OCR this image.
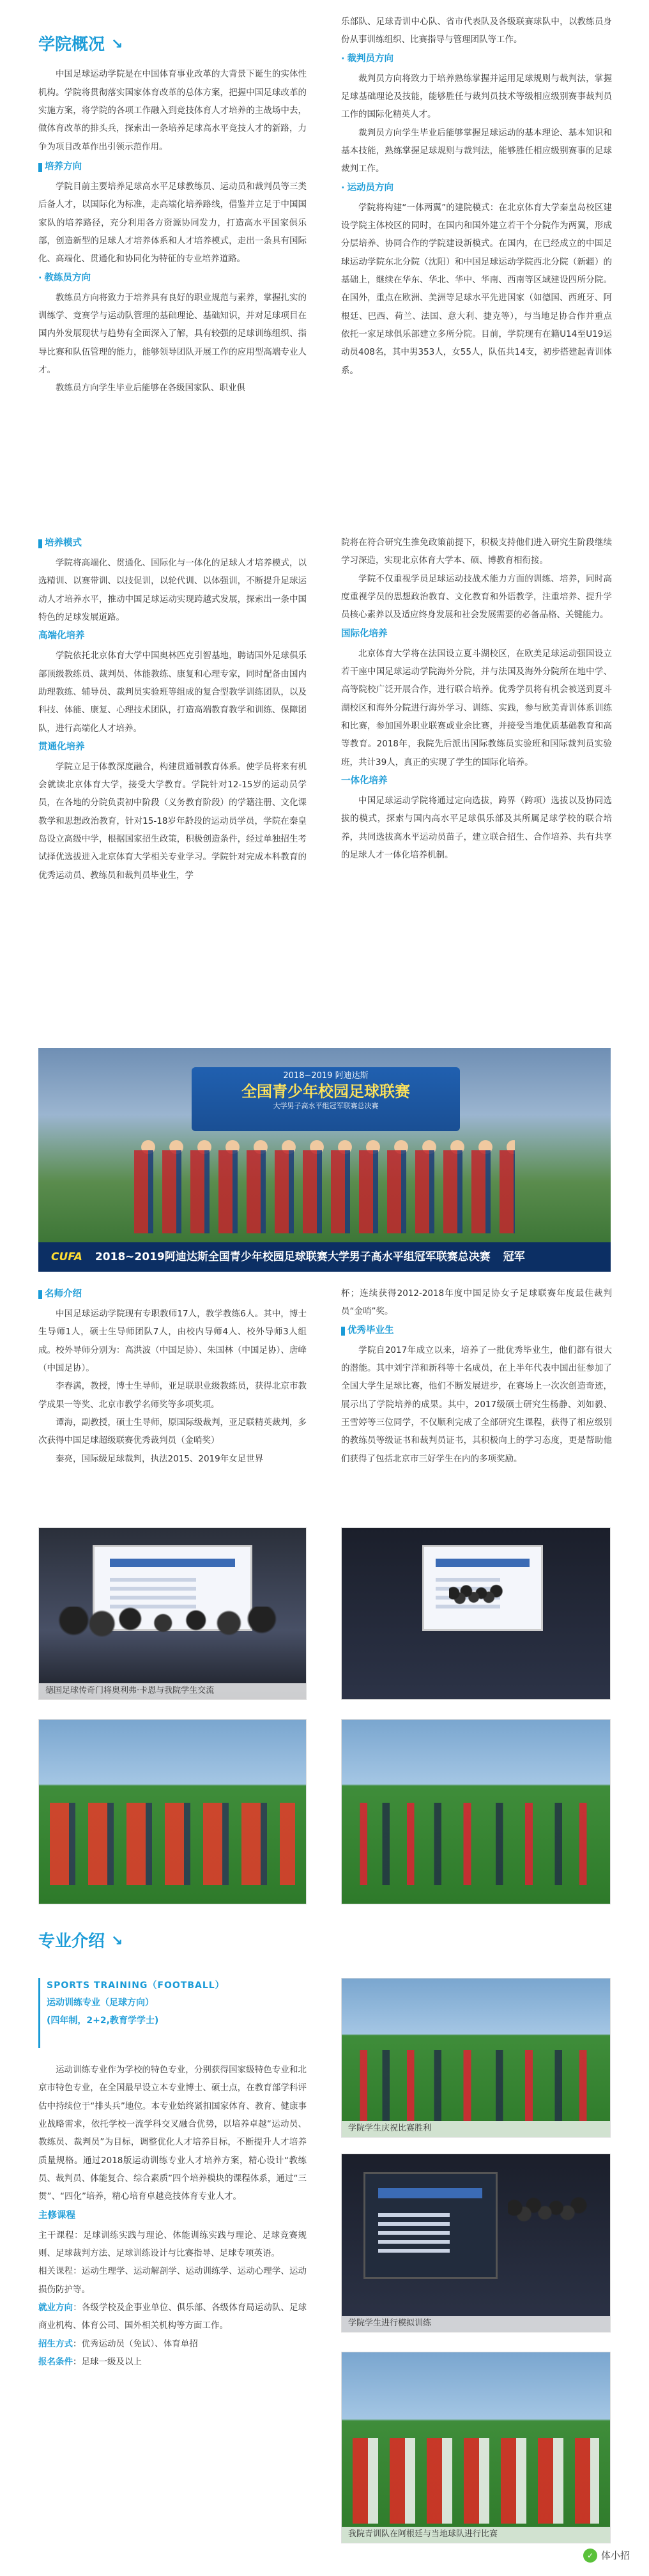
学院概况 ↘

中国足球运动学院是在中国体育事业改革的大背景下诞生的实体性机构。学院将贯彻落实国家体育改革的总体方案，把握中国足球改革的实施方案，将学院的各项工作融入到竞技体育人才培养的主战场中去，做体育改革的排头兵，探索出一条培养足球高水平竞技人才的新路，力争为项目改革作出引领示范作用。

培养方向

学院目前主要培养足球高水平足球教练员、运动员和裁判员等三类后备人才，以国际化为标准，走高端化培养路线，借鉴并立足于中国国家队的培养路径，充分利用各方资源协同发力，打造高水平国家俱乐部，创造新型的足球人才培养体系和人才培养模式，走出一条具有国际化、高端化、贯通化和协同化为特征的专业培养道路。

· 教练员方向

教练员方向将致力于培养具有良好的职业规范与素养，掌握扎实的训练学、竞赛学与运动队管理的基础理论、基础知识，并对足球项目在国内外发展现状与趋势有全面深入了解，具有较强的足球训练组织、指导比赛和队伍管理的能力，能够领导团队开展工作的应用型高端专业人才。

教练员方向学生毕业后能够在各级国家队、职业俱

乐部队、足球青训中心队、省市代表队及各级联赛球队中，以教练员身份从事训练组织、比赛指导与管理团队等工作。

· 裁判员方向

裁判员方向将致力于培养熟练掌握并运用足球规则与裁判法，掌握足球基础理论及技能，能够胜任与裁判员技术等级相应级别赛事裁判员工作的国际化精英人才。

裁判员方向学生毕业后能够掌握足球运动的基本理论、基本知识和基本技能，熟练掌握足球规则与裁判法，能够胜任相应级别赛事的足球裁判工作。

· 运动员方向

学院将构建“一体两翼”的建院模式：在北京体育大学秦皇岛校区建设学院主体校区的同时，在国内和国外建立若干个分院作为两翼，形成分层培养、协同合作的学院建设新模式。在国内，在已经成立的中国足球运动学院东北分院（沈阳）和中国足球运动学院西北分院（新疆）的基础上，继续在华东、华北、华中、华南、西南等区域建设四所分院。在国外，重点在欧洲、美洲等足球水平先进国家（如德国、西班牙、阿根廷、巴西、荷兰、法国、意大利、捷克等），与当地足协合作并重点依托一家足球俱乐部建立多所分院。目前，学院现有在籍U14至U19运动员408名，其中男353人，女55人，队伍共14支，初步搭建起青训体系。

培养模式

学院将高端化、贯通化、国际化与一体化的足球人才培养模式，以选精训、以赛带训、以技促训，以轮代训、以体强训，不断提升足球运动人才培养水平，推动中国足球运动实现跨越式发展，探索出一条中国特色的足球发展道路。

高端化培养

学院依托北京体育大学中国奥林匹克引智基地，聘请国外足球俱乐部顶级教练员、裁判员、体能教练、康复和心理专家，同时配备由国内助理教练、辅导员、裁判员实验班等组成的复合型教学训练团队，以及科技、体能、康复、心理技术团队，打造高端教育教学和训练、保障团队，进行高端化人才培养。

贯通化培养

学院立足于体教深度融合，构建贯通制教育体系。使学员将来有机会就读北京体育大学，接受大学教育。学院针对12-15岁的运动员学员，在各地的分院负责初中阶段（义务教育阶段）的学籍注册、文化课教学和思想政治教育，针对15-18岁年龄段的运动员学员，学院在秦皇岛设立高级中学，根据国家招生政策，积极创造条件，经过单独招生考试择优选拔进入北京体育大学相关专业学习。学院针对完成本科教育的优秀运动员、教练员和裁判员毕业生，学

院将在符合研究生推免政策前提下，积极支持他们进入研究生阶段继续学习深造，实现北京体育大学本、硕、博教育相衔接。

学院不仅重视学员足球运动技战术能力方面的训练、培养，同时高度重视学员的思想政治教育、文化教育和外语教学，注重培养、提升学员核心素养以及适应终身发展和社会发展需要的必备品格、关键能力。

国际化培养

北京体育大学将在法国设立夏斗湖校区，在欧美足球运动强国设立若干座中国足球运动学院海外分院，并与法国及海外分院所在地中学、高等院校广泛开展合作，进行联合培养。优秀学员将有机会被送到夏斗湖校区和海外分院进行海外学习、训练、实践，参与欧美青训体系训练和比赛，参加国外职业联赛或业余比赛，并接受当地优质基础教育和高等教育。2018年，我院先后派出国际教练员实验班和国际裁判员实验班，共计39人，真正的实现了学生的国际化培养。

一体化培养

中国足球运动学院将通过定向选拔，跨界（跨项）选拔以及协同选拔的模式，探索与国内高水平足球俱乐部及其所属足球学校的联合培养，共同选拔高水平运动员苗子，建立联合招生、合作培养、共有共享的足球人才一体化培养机制。

2018~2019 阿迪达斯
全国青少年校园足球联赛
大学男子高水平组冠军联赛总决赛
CUFA 2018~2019阿迪达斯全国青少年校园足球联赛大学男子高水平组冠军联赛总决赛 冠军
名师介绍

中国足球运动学院现有专职教师17人，教学教练6人。其中，博士生导师1人，硕士生导师团队7人，由校内导师4人、校外导师3人组成。校外导师分别为：高洪波（中国足协）、朱国林（中国足协）、唐峰（中国足协）。

李春满，教授，博士生导师，亚足联职业级教练员，获得北京市教学成果一等奖、北京市教学名师奖等多项奖项。

谭海，副教授，硕士生导师，原国际级裁判，亚足联精英裁判，多次获得中国足球超级联赛优秀裁判员（金哨奖）

秦亮，国际级足球裁判，执法2015、2019年女足世界

杯；连续获得2012-2018年度中国足协女子足球联赛年度最佳裁判员“金哨”奖。

优秀毕业生

学院自2017年成立以来，培养了一批优秀毕业生，他们都有很大的潜能。其中刘宇洋和新科等十名成员，在上半年代表中国出征参加了全国大学生足球比赛，他们不断发展进步，在赛场上一次次创造奇迹，展示出了学院培养的成果。其中，2017级硕士研究生杨静、刘如毅、王雪婷等三位同学，不仅顺利完成了全部研究生课程，获得了相应级别的教练员等级证书和裁判员证书，其积极向上的学习态度，更是帮助他们获得了包括北京市三好学生在内的多项奖励。

德国足球传奇门将奥利弗·卡恩与我院学生交流
专业介绍 ↘
SPORTS TRAINING（FOOTBALL）
运动训练专业（足球方向）
(四年制，2+2,教育学学士)

运动训练专业作为学校的特色专业，分别获得国家级特色专业和北京市特色专业，在全国最早设立本专业博士、硕士点，在教育部学科评估中持续位于“排头兵”地位。本专业始终紧扣国家体育、教育、健康事业战略需求，依托学校一流学科交叉融合优势，以培养卓越“运动员、教练员、裁判员”为目标，调整优化人才培养目标，不断提升人才培养质量规格。通过2018版运动训练专业人才培养方案，精心设计“教练员、裁判员、体能复合、综合素质”四个培养模块的课程体系，通过“三贯”、“四化”培养，精心培育卓越竞技体育专业人才。

主修课程

主干课程：足球训练实践与理论、体能训练实践与理论、足球竞赛规则、足球裁判方法、足球训练设计与比赛指导、足球专项英语。

相关课程：运动生理学、运动解剖学、运动训练学、运动心理学、运动损伤防护等。

就业方向：各级学校及企事业单位、俱乐部、各级体育局运动队、足球商业机构、体育公司、国外相关机构等方面工作。

招生方式：优秀运动员（免试）、体育单招

报名条件：足球一级及以上

学院学生庆祝比赛胜利
学院学生进行模拟训练
我院青训队在阿根廷与当地球队进行比赛
✓ 体小招
